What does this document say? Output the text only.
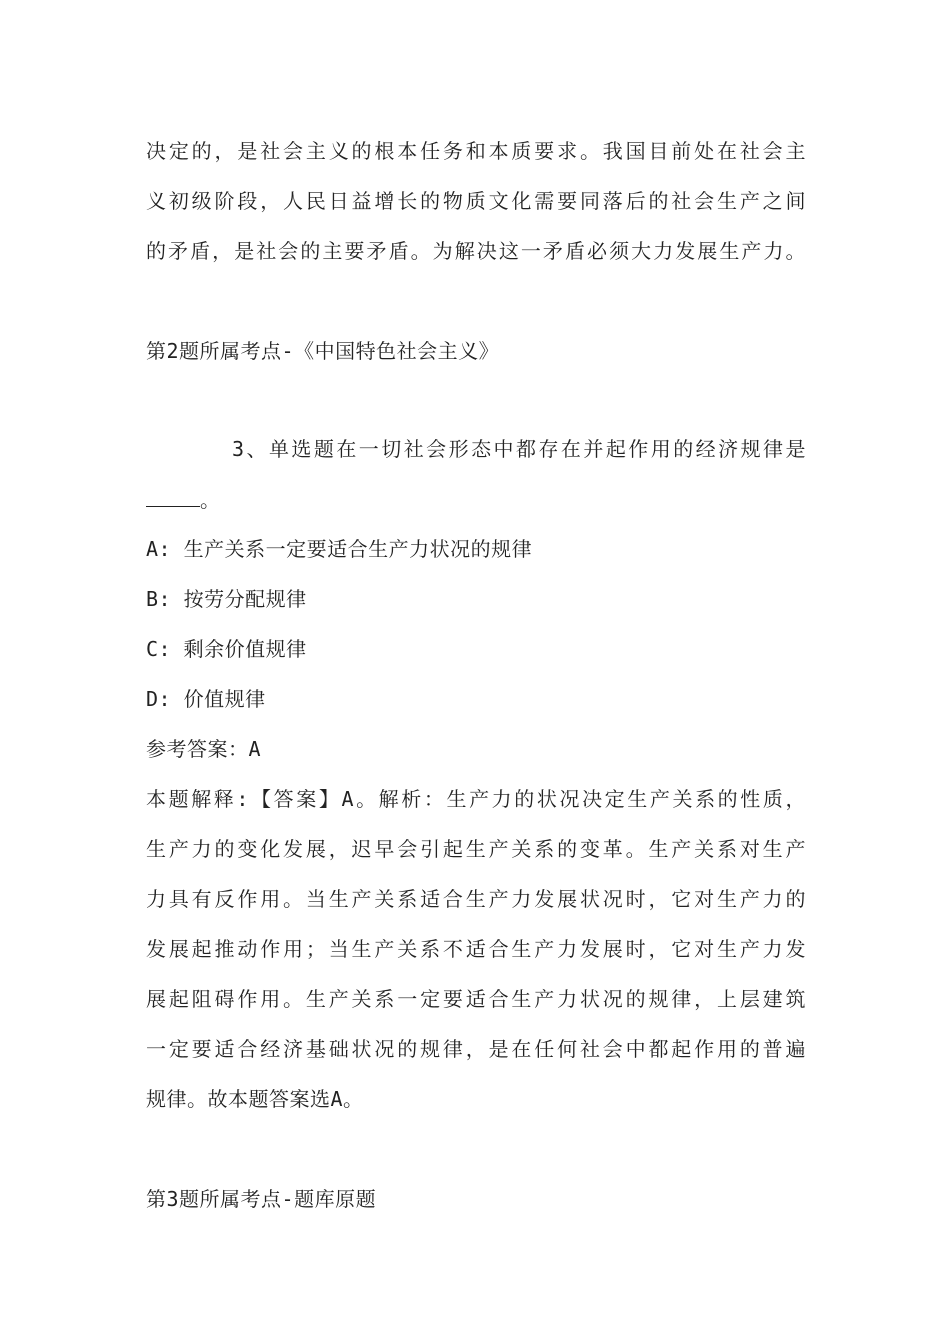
决定的，是社会主义的根本任务和本质要求。我国目前处在社会主
义初级阶段，人民日益增长的物质文化需要同落后的社会生产之间
的矛盾，是社会的主要矛盾。为解决这一矛盾必须大力发展生产力。
第2题所属考点-《中国特色社会主义》
3、单选题在一切社会形态中都存在并起作用的经济规律是
。
A: 生产关系一定要适合生产力状况的规律
B: 按劳分配规律
C: 剩余价值规律
D: 价值规律
参考答案：A
本题解释:【答案】A。解析：生产力的状况决定生产关系的性质，
生产力的变化发展，迟早会引起生产关系的变革。生产关系对生产
力具有反作用。当生产关系适合生产力发展状况时，它对生产力的
发展起推动作用；当生产关系不适合生产力发展时，它对生产力发
展起阻碍作用。生产关系一定要适合生产力状况的规律，上层建筑
一定要适合经济基础状况的规律，是在任何社会中都起作用的普遍
规律。故本题答案选A。
第3题所属考点-题库原题
